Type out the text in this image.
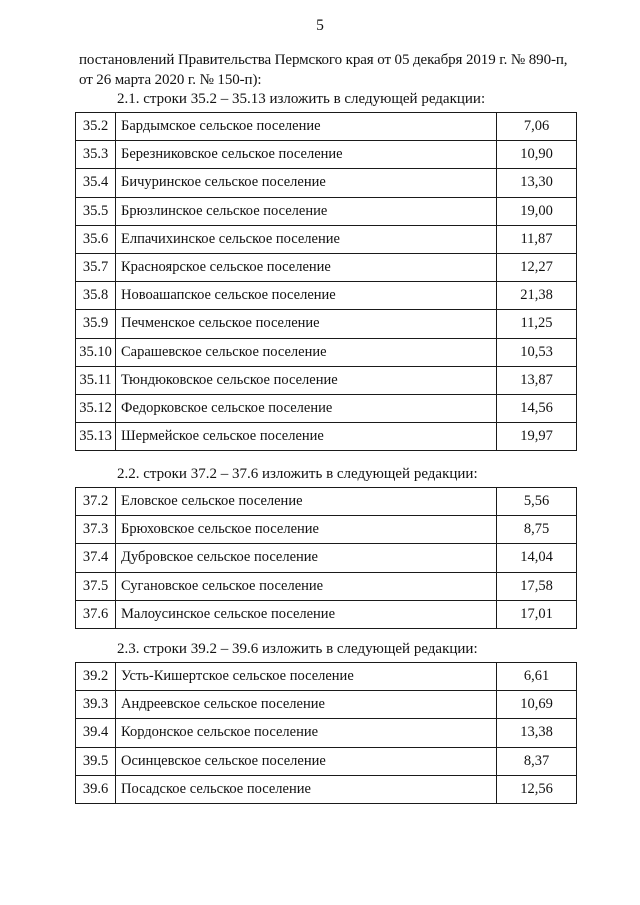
5
постановлений Правительства Пермского края от 05 декабря 2019 г. № 890-п,
от 26 марта 2020 г. № 150-п):
2.1. строки 35.2 – 35.13 изложить в следующей редакции:
35.2	Бардымское сельское поселение	7,06
35.3	Березниковское сельское поселение	10,90
35.4	Бичуринское сельское поселение	13,30
35.5	Брюзлинское сельское поселение	19,00
35.6	Елпачихинское сельское поселение	11,87
35.7	Красноярское сельское поселение	12,27
35.8	Новоашапское сельское поселение	21,38
35.9	Печменское сельское поселение	11,25
35.10	Сарашевское сельское поселение	10,53
35.11	Тюндюковское сельское поселение	13,87
35.12	Федорковское сельское поселение	14,56
35.13	Шермейское сельское поселение	19,97
2.2. строки 37.2 – 37.6 изложить в следующей редакции:
37.2	Еловское сельское поселение	5,56
37.3	Брюховское сельское поселение	8,75
37.4	Дубровское сельское поселение	14,04
37.5	Сугановское сельское поселение	17,58
37.6	Малоусинское сельское поселение	17,01
2.3. строки 39.2 – 39.6 изложить в следующей редакции:
39.2	Усть-Кишертское сельское поселение	6,61
39.3	Андреевское сельское поселение	10,69
39.4	Кордонское сельское поселение	13,38
39.5	Осинцевское сельское поселение	8,37
39.6	Посадское сельское поселение	12,56
